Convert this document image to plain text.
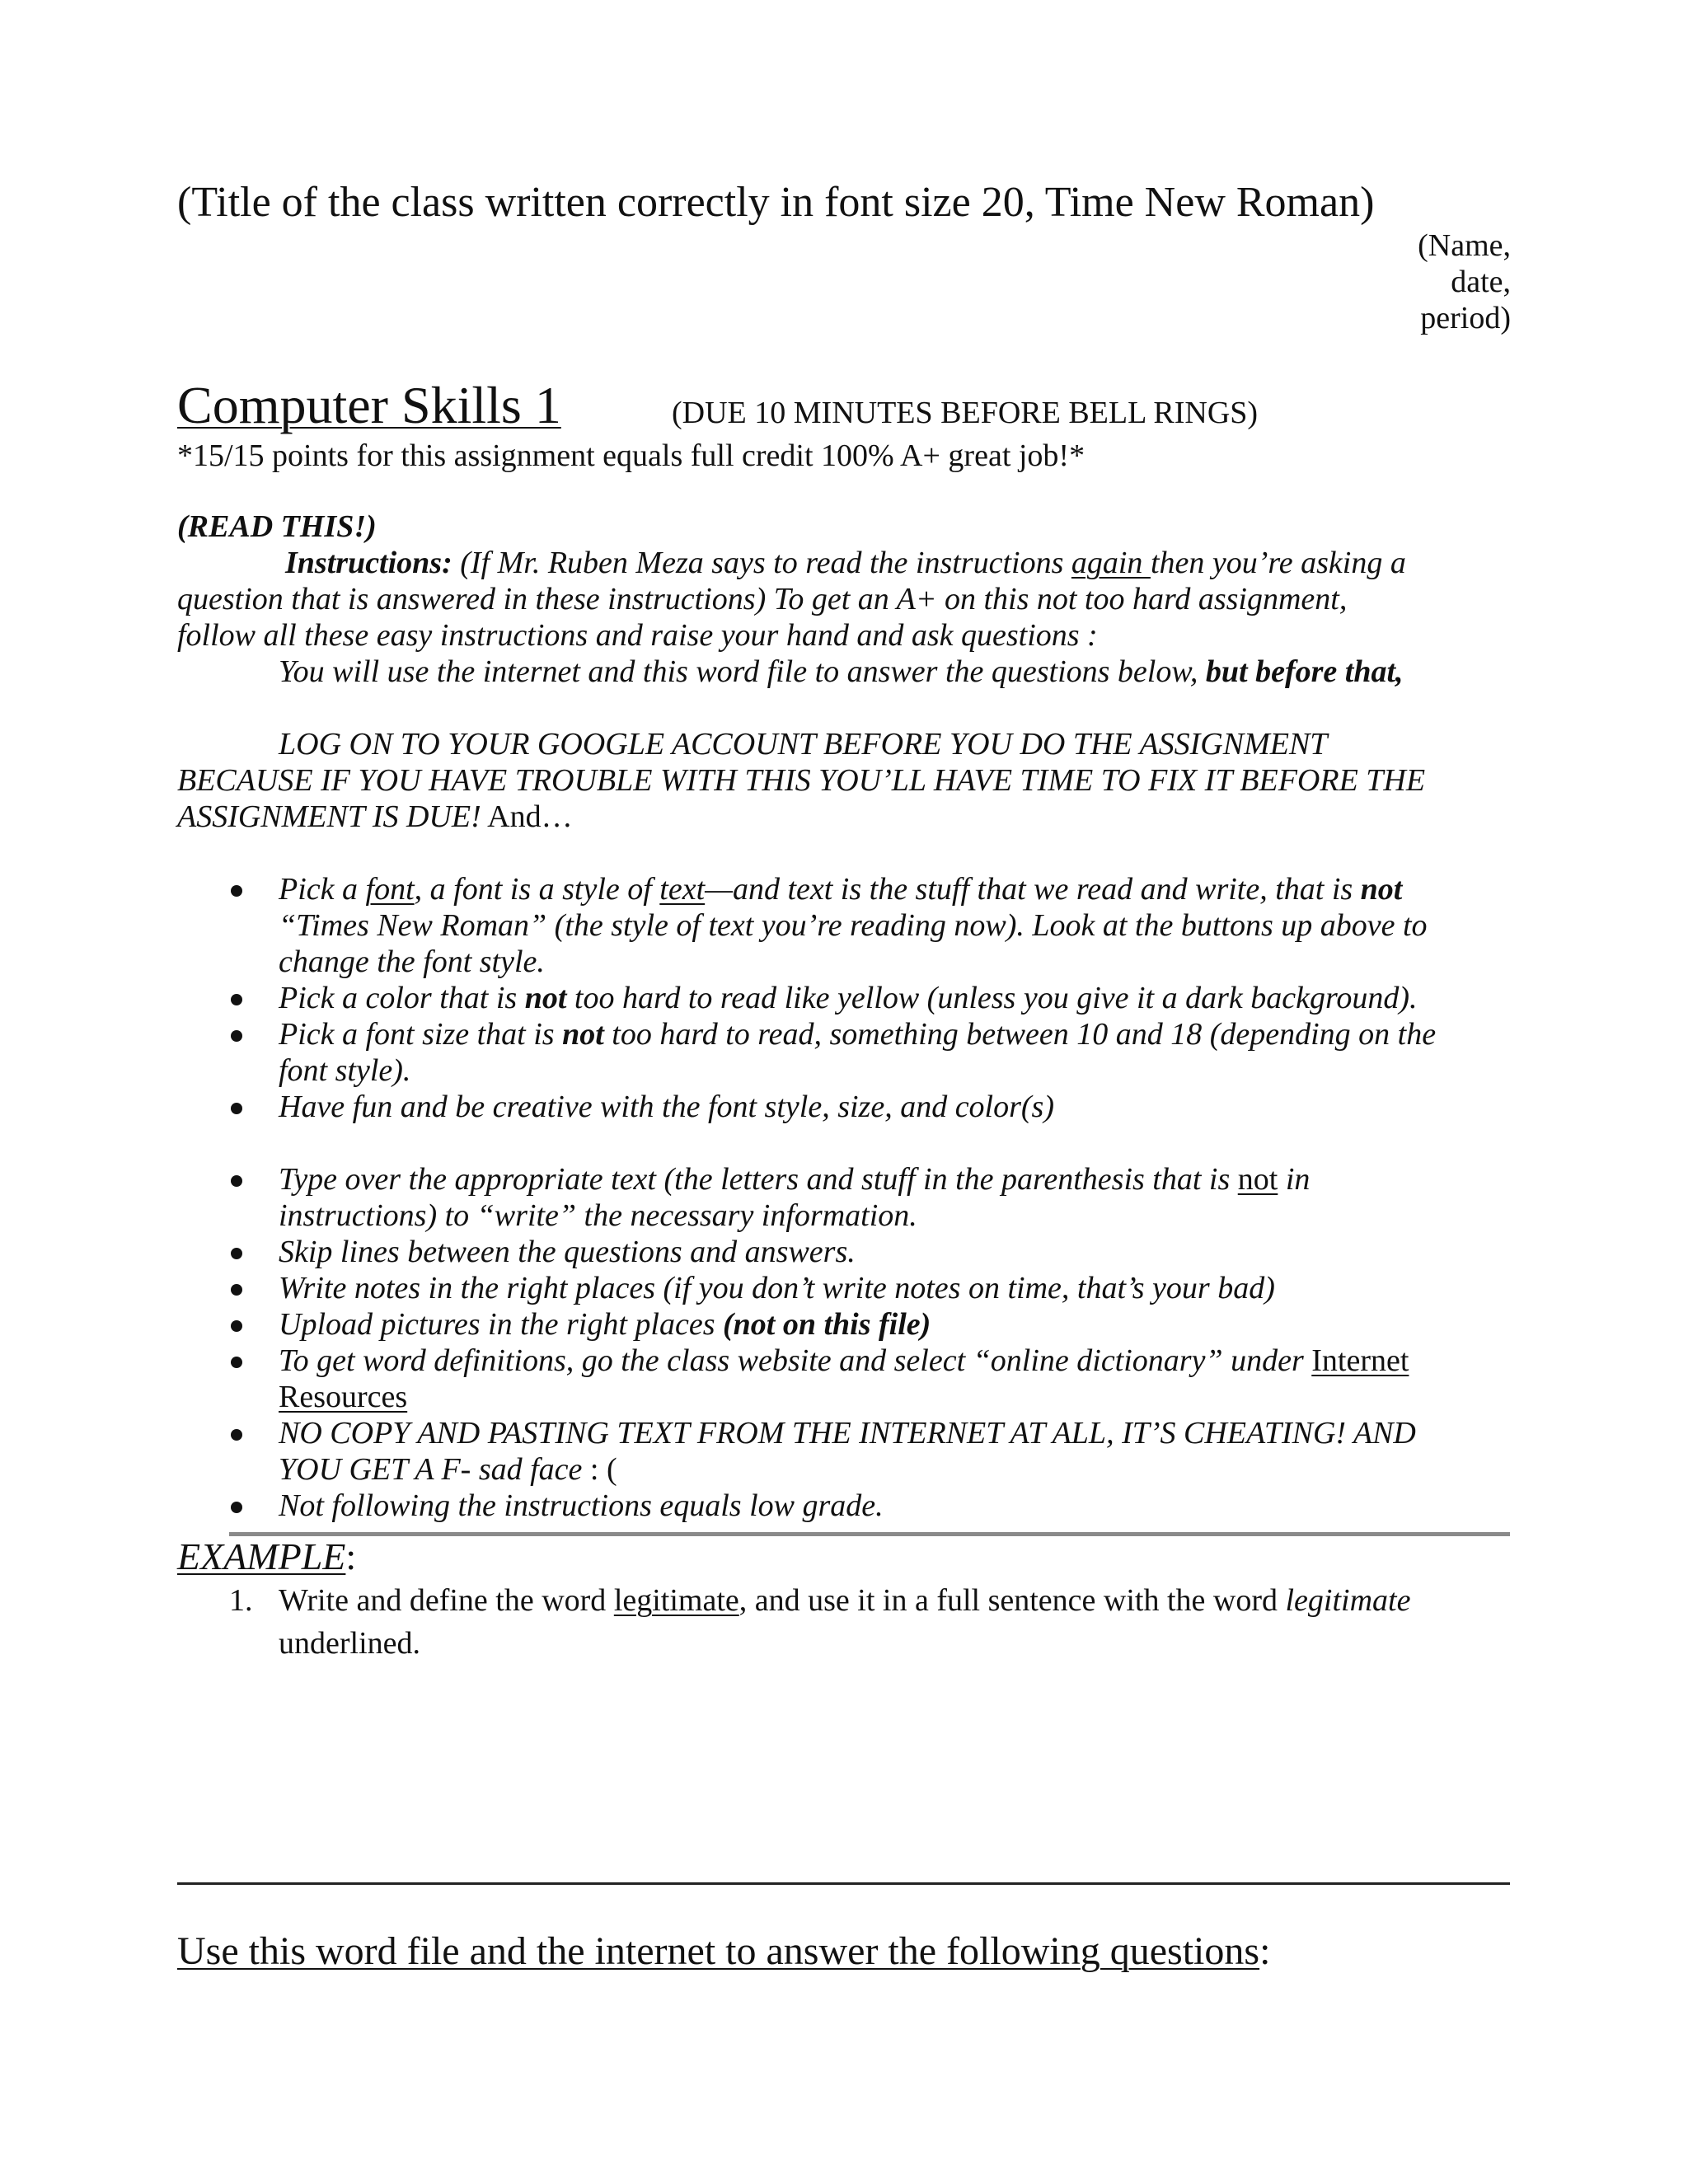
(Title of the class written correctly in font size 20, Time New Roman)
(Name,
date,
period)
Computer Skills 1	(DUE 10 MINUTES BEFORE BELL RINGS)
*15/15 points for this assignment equals full credit 100% A+ great job!*
(READ THIS!)
Instructions: (If Mr. Ruben Meza says to read the instructions again then you’re asking a
question that is answered in these instructions) To get an A+ on this not too hard assignment,
follow all these easy instructions and raise your hand and ask questions :
You will use the internet and this word file to answer the questions below, but before that,
LOG ON TO YOUR GOOGLE ACCOUNT BEFORE YOU DO THE ASSIGNMENT
BECAUSE IF YOU HAVE TROUBLE WITH THIS YOU’LL HAVE TIME TO FIX IT BEFORE THE
ASSIGNMENT IS DUE! And…
Pick a font, a font is a style of text—and text is the stuff that we read and write, that is not
“Times New Roman” (the style of text you’re reading now). Look at the buttons up above to
change the font style.
Pick a color that is not too hard to read like yellow (unless you give it a dark background).
Pick a font size that is not too hard to read, something between 10 and 18 (depending on the
font style).
Have fun and be creative with the font style, size, and color(s)
Type over the appropriate text (the letters and stuff in the parenthesis that is not in
instructions) to “write” the necessary information.
Skip lines between the questions and answers.
Write notes in the right places (if you don’t write notes on time, that’s your bad)
Upload pictures in the right places (not on this file)
To get word definitions, go the class website and select “online dictionary” under Internet
Resources
NO COPY AND PASTING TEXT FROM THE INTERNET AT ALL, IT’S CHEATING! AND
YOU GET A F- sad face : (
Not following the instructions equals low grade.
EXAMPLE:
1. Write and define the word legitimate, and use it in a full sentence with the word legitimate
underlined.
Use this word file and the internet to answer the following questions:
